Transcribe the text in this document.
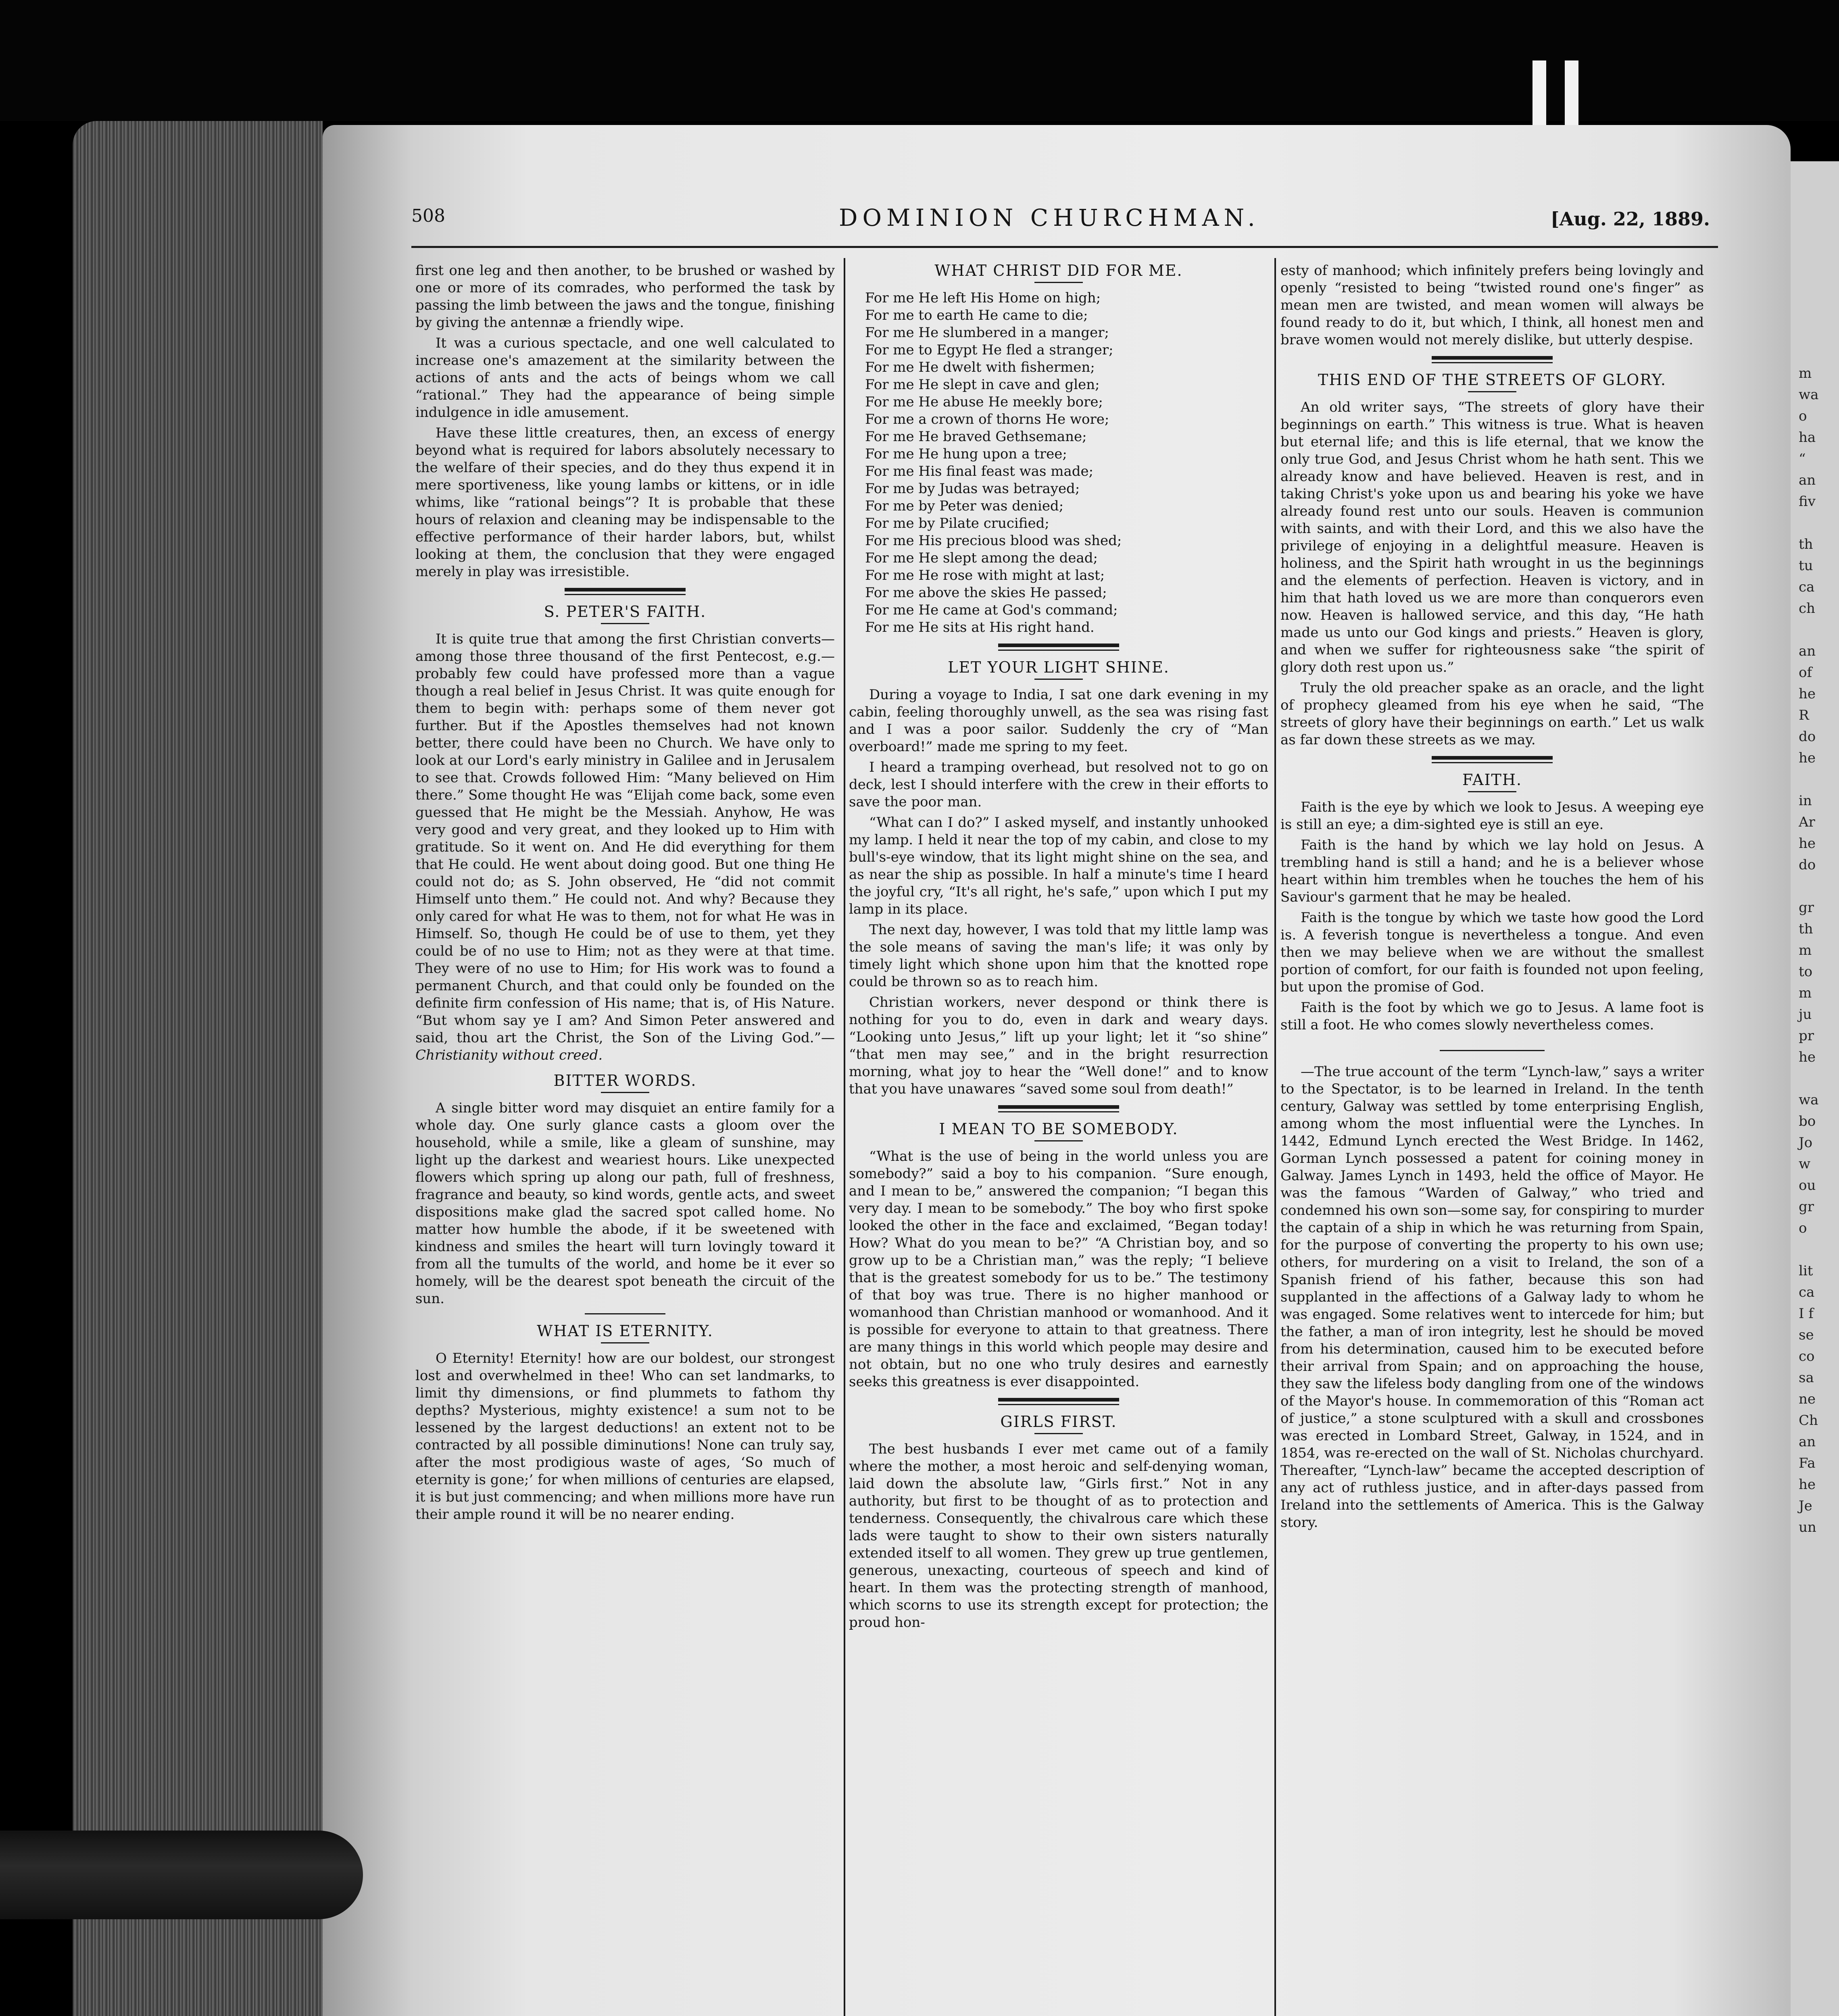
m
wa
o
ha
“
an
fiv
th
tu
ca
ch
an
of
he
R
do
he
in
Ar
he
do
gr
th
m
to
m
ju
pr
he
wa
bo
Jo
w
ou
gr
o
lit
ca
I f
se
co
sa
ne
Ch
an
Fa
he
Je
un
508	DOMINION CHURCHMAN.	[Aug. 22, 1889.

first one leg and then another, to be brushed or washed by one or more of its comrades, who performed the task by passing the limb between the jaws and the tongue, finishing by giving the antennæ a friendly wipe.

It was a curious spectacle, and one well calculated to increase one's amazement at the similarity between the actions of ants and the acts of beings whom we call “rational.” They had the appearance of being simple indulgence in idle amusement.

Have these little creatures, then, an excess of energy beyond what is required for labors absolutely necessary to the welfare of their species, and do they thus expend it in mere sportiveness, like young lambs or kittens, or in idle whims, like “rational beings”? It is probable that these hours of relaxion and cleaning may be indispensable to the effective performance of their harder labors, but, whilst looking at them, the conclusion that they were engaged merely in play was irresistible.

S. PETER'S FAITH.

It is quite true that among the first Christian converts—among those three thousand of the first Pentecost, e.g.—probably few could have professed more than a vague though a real belief in Jesus Christ. It was quite enough for them to begin with: perhaps some of them never got further. But if the Apostles themselves had not known better, there could have been no Church. We have only to look at our Lord's early ministry in Galilee and in Jerusalem to see that. Crowds followed Him: “Many believed on Him there.” Some thought He was “Elijah come back, some even guessed that He might be the Messiah. Anyhow, He was very good and very great, and they looked up to Him with gratitude. So it went on. And He did everything for them that He could. He went about doing good. But one thing He could not do; as S. John observed, He “did not commit Himself unto them.” He could not. And why? Because they only cared for what He was to them, not for what He was in Himself. So, though He could be of use to them, yet they could be of no use to Him; not as they were at that time. They were of no use to Him; for His work was to found a permanent Church, and that could only be founded on the definite firm confession of His name; that is, of His Nature. “But whom say ye I am? And Simon Peter answered and said, thou art the Christ, the Son of the Living God.”—Christianity without creed.

BITTER WORDS.

A single bitter word may disquiet an entire family for a whole day. One surly glance casts a gloom over the household, while a smile, like a gleam of sunshine, may light up the darkest and weariest hours. Like unexpected flowers which spring up along our path, full of freshness, fragrance and beauty, so kind words, gentle acts, and sweet dispositions make glad the sacred spot called home. No matter how humble the abode, if it be sweetened with kindness and smiles the heart will turn lovingly toward it from all the tumults of the world, and home be it ever so homely, will be the dearest spot beneath the circuit of the sun.

WHAT IS ETERNITY.

O Eternity! Eternity! how are our boldest, our strongest lost and overwhelmed in thee! Who can set landmarks, to limit thy dimensions, or find plummets to fathom thy depths? Mysterious, mighty existence! a sum not to be lessened by the largest deductions! an extent not to be contracted by all possible diminutions! None can truly say, after the most prodigious waste of ages, ‘So much of eternity is gone;’ for when millions of centuries are elapsed, it is but just commencing; and when millions more have run their ample round it will be no nearer ending.

WHAT CHRIST DID FOR ME.
For me He left His Home on high;
For me to earth He came to die;
For me He slumbered in a manger;
For me to Egypt He fled a stranger;
For me He dwelt with fishermen;
For me He slept in cave and glen;
For me He abuse He meekly bore;
For me a crown of thorns He wore;
For me He braved Gethsemane;
For me He hung upon a tree;
For me His final feast was made;
For me by Judas was betrayed;
For me by Peter was denied;
For me by Pilate crucified;
For me His precious blood was shed;
For me He slept among the dead;
For me He rose with might at last;
For me above the skies He passed;
For me He came at God's command;
For me He sits at His right hand.
LET YOUR LIGHT SHINE.

During a voyage to India, I sat one dark evening in my cabin, feeling thoroughly unwell, as the sea was rising fast and I was a poor sailor. Suddenly the cry of “Man overboard!” made me spring to my feet.

I heard a tramping overhead, but resolved not to go on deck, lest I should interfere with the crew in their efforts to save the poor man.

“What can I do?” I asked myself, and instantly unhooked my lamp. I held it near the top of my cabin, and close to my bull's-eye window, that its light might shine on the sea, and as near the ship as possible. In half a minute's time I heard the joyful cry, “It's all right, he's safe,” upon which I put my lamp in its place.

The next day, however, I was told that my little lamp was the sole means of saving the man's life; it was only by timely light which shone upon him that the knotted rope could be thrown so as to reach him.

Christian workers, never despond or think there is nothing for you to do, even in dark and weary days. “Looking unto Jesus,” lift up your light; let it “so shine” “that men may see,” and in the bright resurrection morning, what joy to hear the “Well done!” and to know that you have unawares “saved some soul from death!”

I MEAN TO BE SOMEBODY.

“What is the use of being in the world unless you are somebody?” said a boy to his companion. “Sure enough, and I mean to be,” answered the companion; “I began this very day. I mean to be somebody.” The boy who first spoke looked the other in the face and exclaimed, “Began today! How? What do you mean to be?” “A Christian boy, and so grow up to be a Christian man,” was the reply; “I believe that is the greatest somebody for us to be.” The testimony of that boy was true. There is no higher manhood or womanhood than Christian manhood or womanhood. And it is possible for everyone to attain to that greatness. There are many things in this world which people may desire and not obtain, but no one who truly desires and earnestly seeks this greatness is ever disappointed.

GIRLS FIRST.

The best husbands I ever met came out of a family where the mother, a most heroic and self-denying woman, laid down the absolute law, “Girls first.” Not in any authority, but first to be thought of as to protection and tenderness. Consequently, the chivalrous care which these lads were taught to show to their own sisters naturally extended itself to all women. They grew up true gentlemen, generous, unexacting, courteous of speech and kind of heart. In them was the protecting strength of manhood, which scorns to use its strength except for protection; the proud hon-

esty of manhood; which infinitely prefers being lovingly and openly “resisted to being “twisted round one's finger” as mean men are twisted, and mean women will always be found ready to do it, but which, I think, all honest men and brave women would not merely dislike, but utterly despise.

THIS END OF THE STREETS OF GLORY.

An old writer says, “The streets of glory have their beginnings on earth.” This witness is true. What is heaven but eternal life; and this is life eternal, that we know the only true God, and Jesus Christ whom he hath sent. This we already know and have believed. Heaven is rest, and in taking Christ's yoke upon us and bearing his yoke we have already found rest unto our souls. Heaven is communion with saints, and with their Lord, and this we also have the privilege of enjoying in a delightful measure. Heaven is holiness, and the Spirit hath wrought in us the beginnings and the elements of perfection. Heaven is victory, and in him that hath loved us we are more than conquerors even now. Heaven is hallowed service, and this day, “He hath made us unto our God kings and priests.” Heaven is glory, and when we suffer for righteousness sake “the spirit of glory doth rest upon us.”

Truly the old preacher spake as an oracle, and the light of prophecy gleamed from his eye when he said, “The streets of glory have their beginnings on earth.” Let us walk as far down these streets as we may.

FAITH.

Faith is the eye by which we look to Jesus. A weeping eye is still an eye; a dim-sighted eye is still an eye.

Faith is the hand by which we lay hold on Jesus. A trembling hand is still a hand; and he is a believer whose heart within him trembles when he touches the hem of his Saviour's garment that he may be healed.

Faith is the tongue by which we taste how good the Lord is. A feverish tongue is nevertheless a tongue. And even then we may believe when we are without the smallest portion of comfort, for our faith is founded not upon feeling, but upon the promise of God.

Faith is the foot by which we go to Jesus. A lame foot is still a foot. He who comes slowly nevertheless comes.

—The true account of the term “Lynch-law,” says a writer to the Spectator, is to be learned in Ireland. In the tenth century, Galway was settled by tome enterprising English, among whom the most influential were the Lynches. In 1442, Edmund Lynch erected the West Bridge. In 1462, Gorman Lynch possessed a patent for coining money in Galway. James Lynch in 1493, held the office of Mayor. He was the famous “Warden of Galway,” who tried and condemned his own son—some say, for conspiring to murder the captain of a ship in which he was returning from Spain, for the purpose of converting the property to his own use; others, for murdering on a visit to Ireland, the son of a Spanish friend of his father, because this son had supplanted in the affections of a Galway lady to whom he was engaged. Some relatives went to intercede for him; but the father, a man of iron integrity, lest he should be moved from his determination, caused him to be executed before their arrival from Spain; and on approaching the house, they saw the lifeless body dangling from one of the windows of the Mayor's house. In commemoration of this “Roman act of justice,” a stone sculptured with a skull and crossbones was erected in Lombard Street, Galway, in 1524, and in 1854, was re-erected on the wall of St. Nicholas churchyard. Thereafter, “Lynch-law” became the accepted description of any act of ruthless justice, and in after-days passed from Ireland into the settlements of America. This is the Galway story.
